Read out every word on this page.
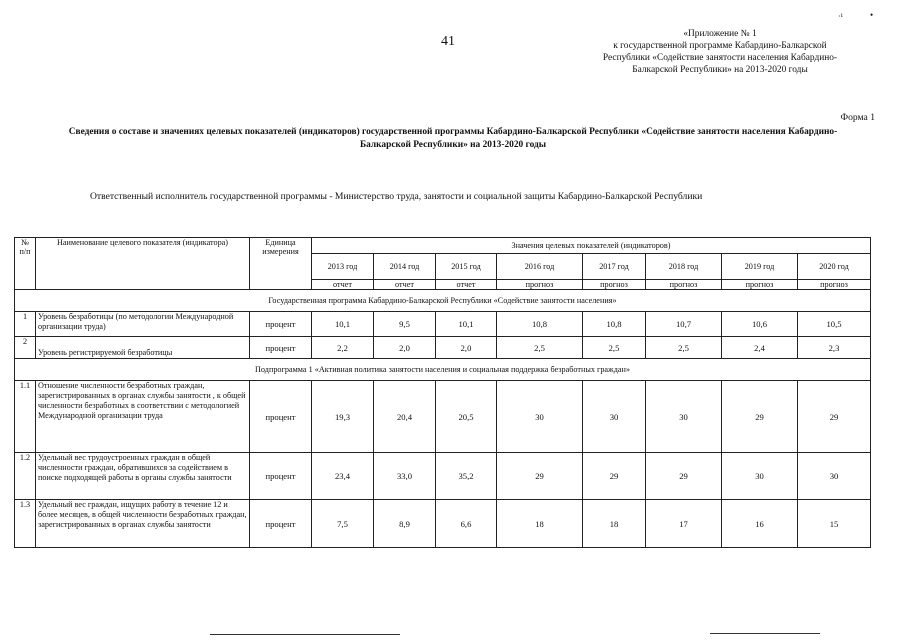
41
·¹	•
«Приложение № 1
к государственной программе Кабардино-Балкарской
Республики «Содействие занятости населения Кабардино-
Балкарской Республики» на 2013-2020 годы
Форма 1
Сведения о составе и значениях целевых показателей (индикаторов) государственной программы Кабардино-Балкарской Республики «Содействие занятости населения Кабардино-
Балкарской Республики» на 2013-2020 годы
Ответственный исполнитель государственной программы - Министерство труда, занятости и социальной защиты Кабардино-Балкарской Республики
№ п/п	Наименование целевого показателя (индикатора)	Единица измерения	Значения целевых показателей (индикаторов)							
			2013 год	2014 год	2015 год	2016 год	2017 год	2018 год	2019 год	2020 год
			отчет	отчет	отчет	прогноз	прогноз	прогноз	прогноз	прогноз
Государственная программа Кабардино-Балкарской Республики «Содействие занятости населения»										
1	Уровень безработицы (по методологии Международной организации труда)	процент	10,1	9,5	10,1	10,8	10,8	10,7	10,6	10,5
2	Уровень регистрируемой безработицы	процент	2,2	2,0	2,0	2,5	2,5	2,5	2,4	2,3
Подпрограмма 1 «Активная политика занятости населения и социальная поддержка безработных граждан»										
1.1	Отношение численности безработных граждан, зарегистрированных в органах службы занятости , к общей численности безработных в соответствии с методологией Международной организации труда	процент	19,3	20,4	20,5	30	30	30	29	29
1.2	Удельный вес трудоустроенных граждан в общей численности граждан, обратившихся за содействием в поиске подходящей работы в органы службы занятости	процент	23,4	33,0	35,2	29	29	29	30	30
1.3	Удельный вес граждан, ищущих работу в течение 12 и более месяцев, в общей численности безработных граждан, зарегистрированных в органах службы занятости	процент	7,5	8,9	6,6	18	18	17	16	15
